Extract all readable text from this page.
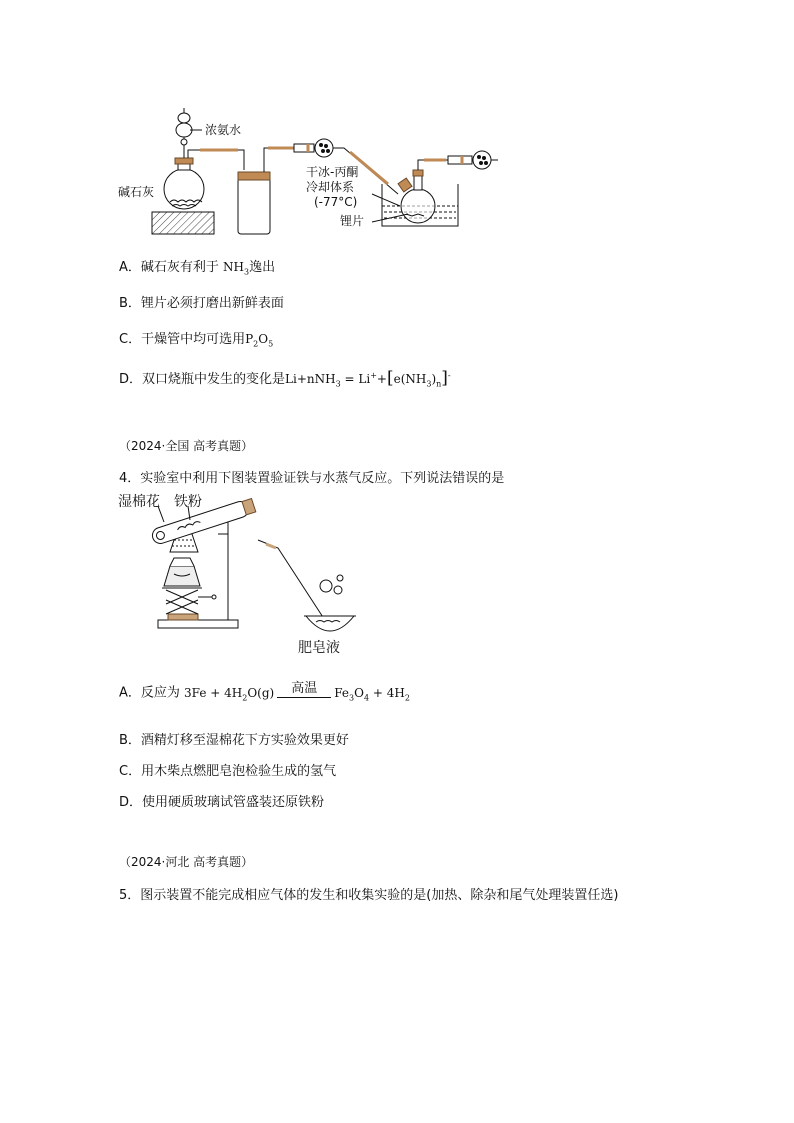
浓氨水
碱石灰
干冰-丙酮
冷却体系
(-77°C)
锂片
A．碱石灰有利于 $NH_3$逸出
B．锂片必须打磨出新鲜表面
C．干燥管中均可选用$P_2O_5$
D．双口烧瓶中发生的变化是$Li+nNH_3 = Li^++[e(NH_3)_n]^-$
（2024·全国 高考真题）
4．实验室中利用下图装置验证铁与水蒸气反应。下列说法错误的是
湿棉花 铁粉
肥皂液
A．反应为 $3Fe + 4H_2O(g)$	高温	$Fe_3O_4 + 4H_2$
B．酒精灯移至湿棉花下方实验效果更好
C．用木柴点燃肥皂泡检验生成的氢气
D．使用硬质玻璃试管盛装还原铁粉
（2024·河北 高考真题）
5．图示装置不能完成相应气体的发生和收集实验的是(加热、除杂和尾气处理装置任选)
